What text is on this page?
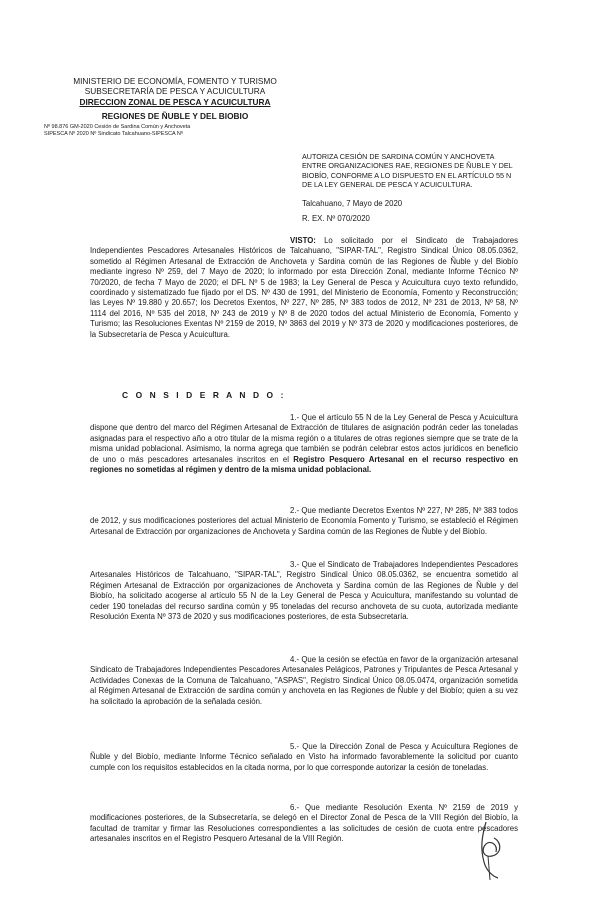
MINISTERIO DE ECONOMÍA, FOMENTO Y TURISMO
SUBSECRETARÍA DE PESCA Y ACUICULTURA
DIRECCION ZONAL DE PESCA Y ACUICULTURA
REGIONES DE ÑUBLE Y DEL BIOBIO
Nº 98.876 GM-2020 Cesión de Sardina Común y Anchoveta
SIPESCA Nº 2020 Nº Sindicato Talcahuano-SIPESCA Nº
AUTORIZA CESIÓN DE SARDINA COMÚN Y ANCHOVETA ENTRE ORGANIZACIONES RAE, REGIONES DE ÑUBLE Y DEL BIOBÍO, CONFORME A LO DISPUESTO EN EL ARTÍCULO 55 N DE LA LEY GENERAL DE PESCA Y ACUICULTURA.
Talcahuano, 7 Mayo de 2020
R. EX. Nº 070/2020
VISTO: Lo solicitado por el Sindicato de Trabajadores Independientes Pescadores Artesanales Históricos de Talcahuano, "SIPAR-TAL", Registro Sindical Único 08.05.0362, sometido al Régimen Artesanal de Extracción de Anchoveta y Sardina común de las Regiones de Ñuble y del Biobío mediante ingreso Nº 259, del 7 Mayo de 2020; lo informado por esta Dirección Zonal, mediante Informe Técnico Nº 70/2020, de fecha 7 Mayo de 2020; el DFL Nº 5 de 1983; la Ley General de Pesca y Acuicultura cuyo texto refundido, coordinado y sistematizado fue fijado por el DS. Nº 430 de 1991, del Ministerio de Economía, Fomento y Reconstrucción; las Leyes Nº 19.880 y 20.657; los Decretos Exentos, Nº 227, Nº 285, Nº 383 todos de 2012, Nº 231 de 2013, Nº 58, Nº 1114 del 2016, Nº 535 del 2018, Nº 243 de 2019 y Nº 8 de 2020 todos del actual Ministerio de Economía, Fomento y Turismo; las Resoluciones Exentas Nº 2159 de 2019, Nº 3863 del 2019 y Nº 373 de 2020 y modificaciones posteriores, de la Subsecretaría de Pesca y Acuicultura.
C O N S I D E R A N D O :
1.- Que el artículo 55 N de la Ley General de Pesca y Acuicultura dispone que dentro del marco del Régimen Artesanal de Extracción de titulares de asignación podrán ceder las toneladas asignadas para el respectivo año a otro titular de la misma región o a titulares de otras regiones siempre que se trate de la misma unidad poblacional. Asimismo, la norma agrega que también se podrán celebrar estos actos jurídicos en beneficio de uno o más pescadores artesanales inscritos en el Registro Pesquero Artesanal en el recurso respectivo en regiones no sometidas al régimen y dentro de la misma unidad poblacional.
2.- Que mediante Decretos Exentos Nº 227, Nº 285, Nº 383 todos de 2012, y sus modificaciones posteriores del actual Ministerio de Economía Fomento y Turismo, se estableció el Régimen Artesanal de Extracción por organizaciones de Anchoveta y Sardina común de las Regiones de Ñuble y del Biobío.
3.- Que el Sindicato de Trabajadores Independientes Pescadores Artesanales Históricos de Talcahuano, "SIPAR-TAL", Registro Sindical Único 08.05.0362, se encuentra sometido al Régimen Artesanal de Extracción por organizaciones de Anchoveta y Sardina común de las Regiones de Ñuble y del Biobío, ha solicitado acogerse al artículo 55 N de la Ley General de Pesca y Acuicultura, manifestando su voluntad de ceder 190 toneladas del recurso sardina común y 95 toneladas del recurso anchoveta de su cuota, autorizada mediante Resolución Exenta Nº 373 de 2020 y sus modificaciones posteriores, de esta Subsecretaría.
4.- Que la cesión se efectúa en favor de la organización artesanal Sindicato de Trabajadores Independientes Pescadores Artesanales Pelágicos, Patrones y Tripulantes de Pesca Artesanal y Actividades Conexas de la Comuna de Talcahuano, "ASPAS", Registro Sindical Único 08.05.0474, organización sometida al Régimen Artesanal de Extracción de sardina común y anchoveta en las Regiones de Ñuble y del Biobío; quien a su vez ha solicitado la aprobación de la señalada cesión.
5.- Que la Dirección Zonal de Pesca y Acuicultura Regiones de Ñuble y del Biobío, mediante Informe Técnico señalado en Visto ha informado favorablemente la solicitud por cuanto cumple con los requisitos establecidos en la citada norma, por lo que corresponde autorizar la cesión de toneladas.
6.- Que mediante Resolución Exenta Nº 2159 de 2019 y modificaciones posteriores, de la Subsecretaría, se delegó en el Director Zonal de Pesca de la VIII Región del Biobío, la facultad de tramitar y firmar las Resoluciones correspondientes a las solicitudes de cesión de cuota entre pescadores artesanales inscritos en el Registro Pesquero Artesanal de la VIII Región.
